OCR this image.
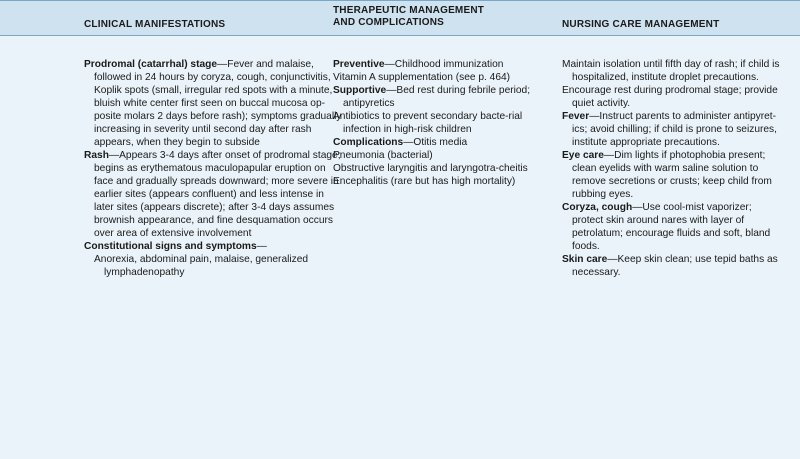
CLINICAL MANIFESTATIONS
THERAPEUTIC MANAGEMENT
AND COMPLICATIONS	NURSING CARE MANAGEMENT

Prodromal (catarrhal) stage—Fever and malaise, followed in 24 hours by coryza, cough, conjunctivitis, Koplik spots (small, irregular red spots with a minute, bluish white center first seen on buccal mucosa op-posite molars 2 days before rash); symptoms gradually increasing in severity until second day after rash appears, when they begin to subside

Rash—Appears 3-4 days after onset of prodromal stage; begins as erythematous maculopapular eruption on face and gradually spreads downward; more severe in earlier sites (appears confluent) and less intense in later sites (appears discrete); after 3-4 days assumes brownish appearance, and fine desquamation occurs over area of extensive involvement

Constitutional signs and symptoms—

Anorexia, abdominal pain, malaise, generalized lymphadenopathy

Preventive—Childhood immunization

Vitamin A supplementation (see p. 464)

Supportive—Bed rest during febrile period; antipyretics

Antibiotics to prevent secondary bacte-rial infection in high-risk children

Complications—Otitis media

Pneumonia (bacterial)

Obstructive laryngitis and laryngotra-cheitis

Encephalitis (rare but has high mortality)

Maintain isolation until fifth day of rash; if child is hospitalized, institute droplet precautions.

Encourage rest during prodromal stage; provide quiet activity.

Fever—Instruct parents to administer antipyret-ics; avoid chilling; if child is prone to seizures, institute appropriate precautions.

Eye care—Dim lights if photophobia present; clean eyelids with warm saline solution to remove secretions or crusts; keep child from rubbing eyes.

Coryza, cough—Use cool-mist vaporizer; protect skin around nares with layer of petrolatum; encourage fluids and soft, bland foods.

Skin care—Keep skin clean; use tepid baths as necessary.
